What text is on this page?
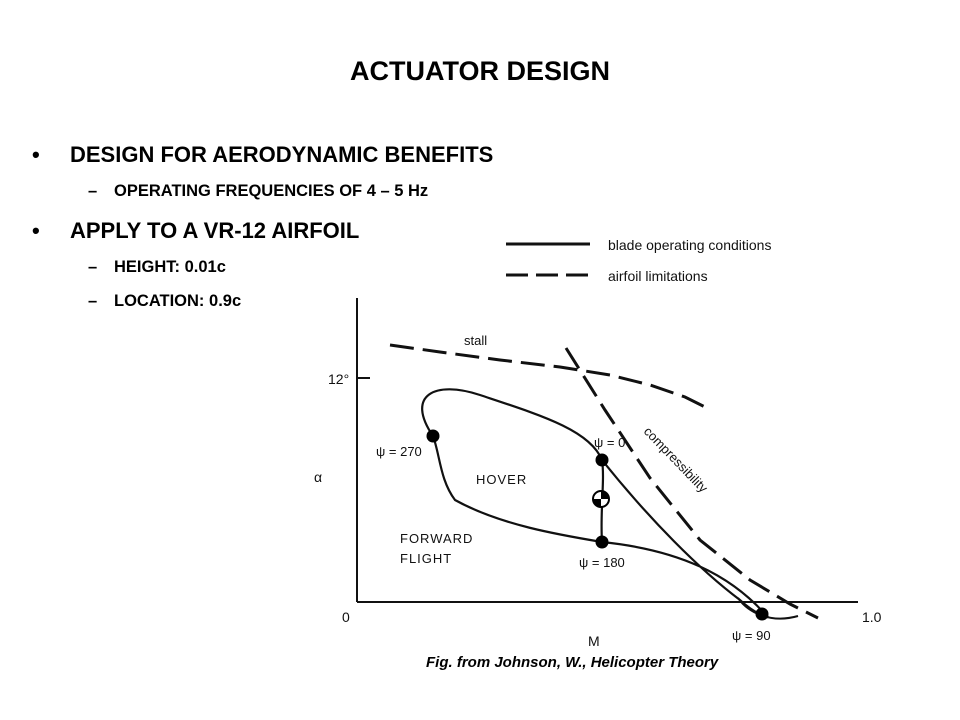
ACTUATOR DESIGN
• DESIGN FOR AERODYNAMIC BENEFITS
– OPERATING FREQUENCIES OF 4 – 5 Hz
• APPLY TO A VR-12 AIRFOIL
– HEIGHT: 0.01c
– LOCATION: 0.9c
blade operating conditions
airfoil limitations
12°
α
0	1.0
M
stall
compressibility
ψ = 270
ψ = 0
ψ = 180
ψ = 90
HOVER
FORWARD
FLIGHT
Fig. from Johnson, W., Helicopter Theory
